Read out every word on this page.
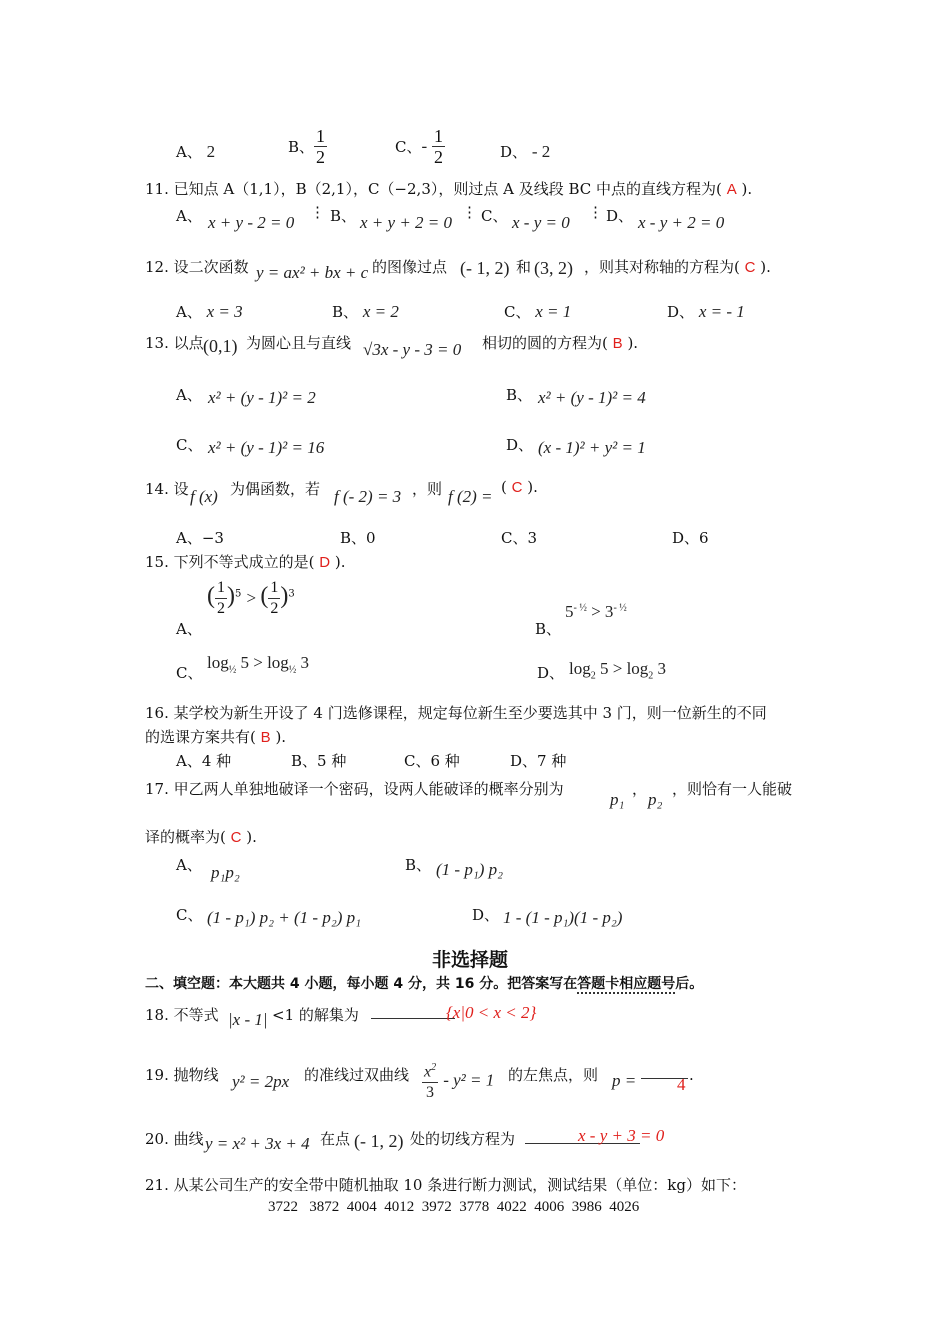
A、 2	B、 $\frac{1}{2}$	C、- $\frac{1}{2}$	D、 - 2
11. 已知点 A（1,1），B（2,1），C（−2,3），则过点 A 及线段 BC 中点的直线方程为( A ).
A、 x + y - 2 = 0
⋮ B、 x + y + 2 = 0
⋮ C、 x - y = 0
⋮ D、 x - y + 2 = 0
12. 设二次函数 y = ax² + bx + c 的图像过点 (- 1, 2) 和 (3, 2) ，则其对称轴的方程为( C ).
A、 x = 3	B、 x = 2	C、 x = 1	D、 x = - 1
13. 以点 (0,1) 为圆心且与直线 √3x - y - 3 = 0 相切的圆的方程为( B ).
A、 x² + (y - 1)² = 2	B、 x² + (y - 1)² = 4
C、 x² + (y - 1)² = 16	D、 (x - 1)² + y² = 1
14. 设 f (x) 为偶函数，若 f (- 2) = 3 ，则 f (2) = ( C ).
A、−3	B、0	C、3	D、6
15. 下列不等式成立的是( D ).
A、
( $\frac{1}{2} )^5$ > ( $\frac{1}{2} )^3$
B、
$5^{- \frac{1}{2}} > 3^{- \frac{1}{2}}$
C、
$\log_{\frac{1}{2}} 5 > \log_{\frac{1}{2}} 3$
D、 $\log_2 5 > \log_2 3$
16. 某学校为新生开设了 4 门选修课程，规定每位新生至少要选其中 3 门，则一位新生的不同
的选课方案共有( B ).
A、4 种	B、5 种	C、6 种	D、7 种
17. 甲乙两人单独地破译一个密码，设两人能破译的概率分别为
p₁
，
p₂
，则恰有一人能破
译的概率为( C ).
A、 p₁p₂	B、 (1 - p₁) p₂
C、 (1 - p₁) p₂ + (1 - p₂) p₁	D、 1 - (1 - p₁)(1 - p₂)
非选择题
二、填空题：本大题共 4 小题，每小题 4 分，共 16 分。把答案写在答题卡相应题号后。
18. 不等式 |x - 1| <1 的解集为	{x|0 < x < 2}
19. 抛物线 y² = 2px 的准线过双曲线 $\frac{x^2}{3} - y^2 = 1$ 的左焦点，则 p = 4 .
20. 曲线 y = x² + 3x + 4 在点 (- 1, 2) 处的切线方程为	x - y + 3 = 0
21. 从某公司生产的安全带中随机抽取 10 条进行断力测试，测试结果（单位：kg）如下：
3722   3872  4004  4012  3972  3778  4022  4006  3986  4026
